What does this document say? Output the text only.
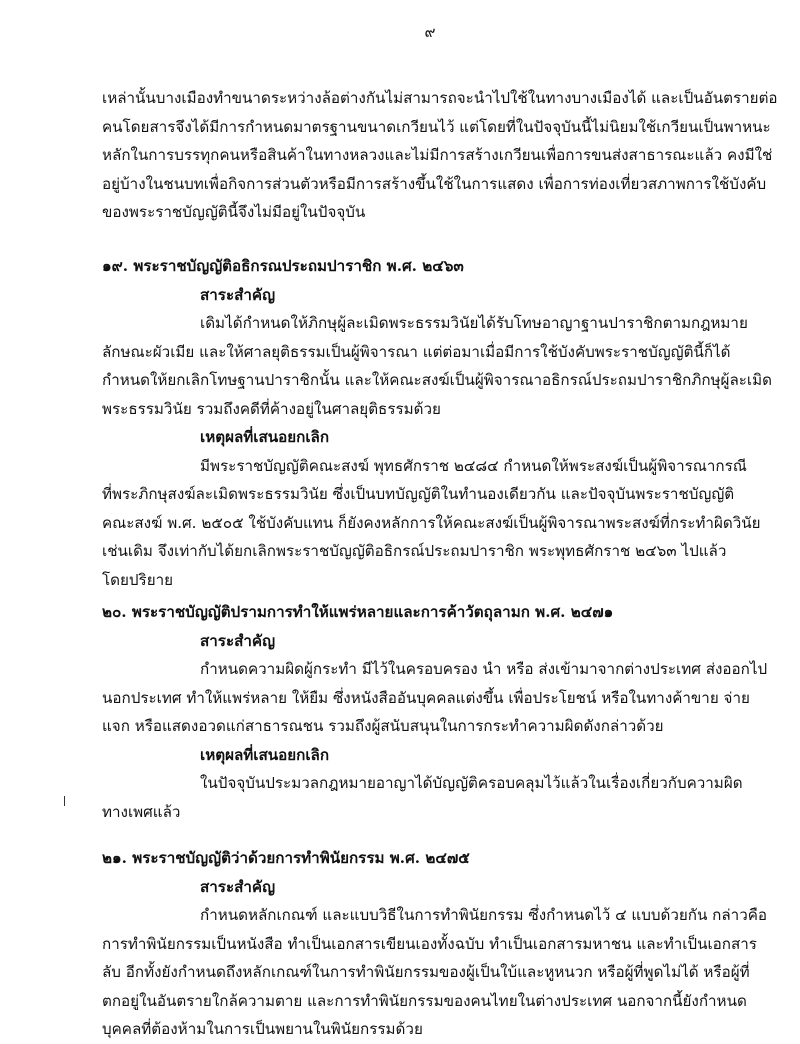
๙
เหล่านั้นบางเมืองทำขนาดระหว่างล้อต่างกันไม่สามารถจะนำไปใช้ในทางบางเมืองได้ และเป็นอันตรายต่อ
คนโดยสารจึงได้มีการกำหนดมาตรฐานขนาดเกวียนไว้ แต่โดยที่ในปัจจุบันนี้ไม่นิยมใช้เกวียนเป็นพาหนะ
หลักในการบรรทุกคนหรือสินค้าในทางหลวงและไม่มีการสร้างเกวียนเพื่อการขนส่งสาธารณะแล้ว คงมีใช่
อยู่บ้างในชนบทเพื่อกิจการส่วนตัวหรือมีการสร้างขึ้นใช้ในการแสดง เพื่อการท่องเที่ยวสภาพการใช้บังคับ
ของพระราชบัญญัตินี้จึงไม่มีอยู่ในปัจจุบัน
๑๙. พระราชบัญญัติอธิกรณประถมปาราชิก พ.ศ. ๒๔๖๓
สาระสำคัญ
เดิมได้กำหนดให้ภิกษุผู้ละเมิดพระธรรมวินัยได้รับโทษอาญาฐานปาราชิกตามกฎหมาย
ลักษณะผัวเมีย และให้ศาลยุติธรรมเป็นผู้พิจารณา แต่ต่อมาเมื่อมีการใช้บังคับพระราชบัญญัตินี้ก็ได้
กำหนดให้ยกเลิกโทษฐานปาราชิกนั้น และให้คณะสงฆ์เป็นผู้พิจารณาอธิกรณ์ประถมปาราชิกภิกษุผู้ละเมิด
พระธรรมวินัย รวมถึงคดีที่ค้างอยู่ในศาลยุติธรรมด้วย
เหตุผลที่เสนอยกเลิก
มีพระราชบัญญัติคณะสงฆ์ พุทธศักราช ๒๔๘๔ กำหนดให้พระสงฆ์เป็นผู้พิจารณากรณี
ที่พระภิกษุสงฆ์ละเมิดพระธรรมวินัย ซึ่งเป็นบทบัญญัติในทำนองเดียวกัน และปัจจุบันพระราชบัญญัติ
คณะสงฆ์ พ.ศ. ๒๕๐๕ ใช้บังคับแทน ก็ยังคงหลักการให้คณะสงฆ์เป็นผู้พิจารณาพระสงฆ์ที่กระทำผิดวินัย
เช่นเดิม จึงเท่ากับได้ยกเลิกพระราชบัญญัติอธิกรณ์ประถมปาราชิก พระพุทธศักราช ๒๔๖๓ ไปแล้ว
โดยปริยาย
๒๐. พระราชบัญญัติปรามการทำให้แพร่หลายและการค้าวัตถุลามก พ.ศ. ๒๔๗๑
สาระสำคัญ
กำหนดความผิดผู้กระทำ มีไว้ในครอบครอง นำ หรือ ส่งเข้ามาจากต่างประเทศ ส่งออกไป
นอกประเทศ ทำให้แพร่หลาย ให้ยืม ซึ่งหนังสืออันบุคคลแต่งขึ้น เพื่อประโยชน์ หรือในทางค้าขาย จ่าย
แจก หรือแสดงอวดแก่สาธารณชน รวมถึงผู้สนับสนุนในการกระทำความผิดดังกล่าวด้วย
เหตุผลที่เสนอยกเลิก
ในปัจจุบันประมวลกฎหมายอาญาได้บัญญัติครอบคลุมไว้แล้วในเรื่องเกี่ยวกับความผิด
ทางเพศแล้ว
๒๑. พระราชบัญญัติว่าด้วยการทำพินัยกรรม พ.ศ. ๒๔๗๕
สาระสำคัญ
กำหนดหลักเกณฑ์ และแบบวิธีในการทำพินัยกรรม ซึ่งกำหนดไว้ ๔ แบบด้วยกัน กล่าวคือ
การทำพินัยกรรมเป็นหนังสือ ทำเป็นเอกสารเขียนเองทั้งฉบับ ทำเป็นเอกสารมหาชน และทำเป็นเอกสาร
ลับ อีกทั้งยังกำหนดถึงหลักเกณฑ์ในการทำพินัยกรรมของผู้เป็นใบ้และหูหนวก หรือผู้ที่พูดไม่ได้ หรือผู้ที่
ตกอยู่ในอันตรายใกล้ความตาย และการทำพินัยกรรมของคนไทยในต่างประเทศ นอกจากนี้ยังกำหนด
บุคคลที่ต้องห้ามในการเป็นพยานในพินัยกรรมด้วย
